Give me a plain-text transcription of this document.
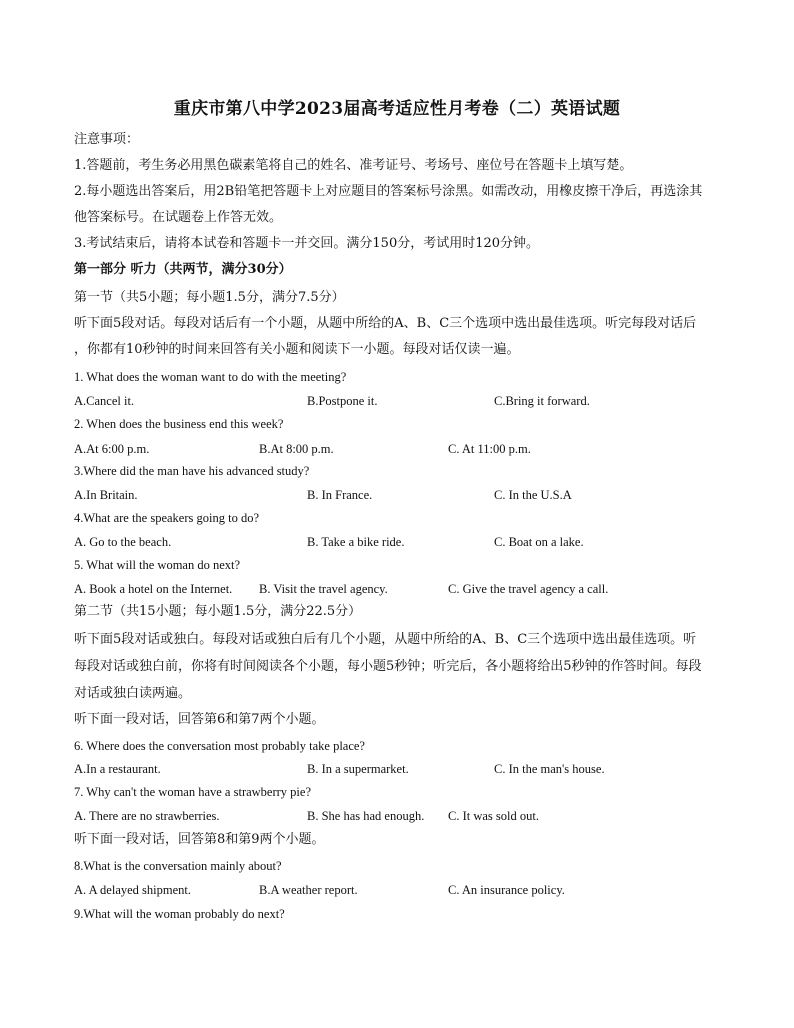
重庆市第八中学2023届高考适应性月考卷（二）英语试题
注意事项：
1.答题前，考生务必用黑色碳素笔将自己的姓名、准考证号、考场号、座位号在答题卡上填写楚。
2.每小题选出答案后，用2B铅笔把答题卡上对应题目的答案标号涂黑。如需改动，用橡皮擦干净后，再选涂其
他答案标号。在试题卷上作答无效。
3.考试结束后，请将本试卷和答题卡一并交回。满分150分，考试用时120分钟。
第一部分 听力（共两节，满分30分）
第一节（共5小题；每小题1.5分，满分7.5分）
听下面5段对话。每段对话后有一个小题，从题中所给的A、B、C三个选项中选出最佳选项。听完每段对话后
，你都有10秒钟的时间来回答有关小题和阅读下一小题。每段对话仅读一遍。
1. What does the woman want to do with the meeting?
A.Cancel it.	B.Postpone it.	C.Bring it forward.
2. When does the business end this week?
A.At 6:00 p.m.	B.At 8:00 p.m.	C. At 11:00 p.m.
3.Where did the man have his advanced study?
A.In Britain.	B. In France.	C. In the U.S.A
4.What are the speakers going to do?
A. Go to the beach.	B. Take a bike ride.	C. Boat on a lake.
5. What will the woman do next?
A. Book a hotel on the Internet. B. Visit the travel agency.	C. Give the travel agency a call.
第二节（共15小题；每小题1.5分，满分22.5分）
听下面5段对话或独白。每段对话或独白后有几个小题，从题中所给的A、B、C三个选项中选出最佳选项。听
每段对话或独白前，你将有时间阅读各个小题，每小题5秒钟；听完后，各小题将给出5秒钟的作答时间。每段
对话或独白读两遍。
听下面一段对话，回答第6和第7两个小题。
6. Where does the conversation most probably take place?
A.In a restaurant.	B. In a supermarket.	C. In the man's house.
7. Why can't the woman have a strawberry pie?
A. There are no strawberries.	B. She has had enough. C. It was sold out.
听下面一段对话，回答第8和第9两个小题。
8.What is the conversation mainly about?
A. A delayed shipment.	B.A weather report.	C. An insurance policy.
9.What will the woman probably do next?
